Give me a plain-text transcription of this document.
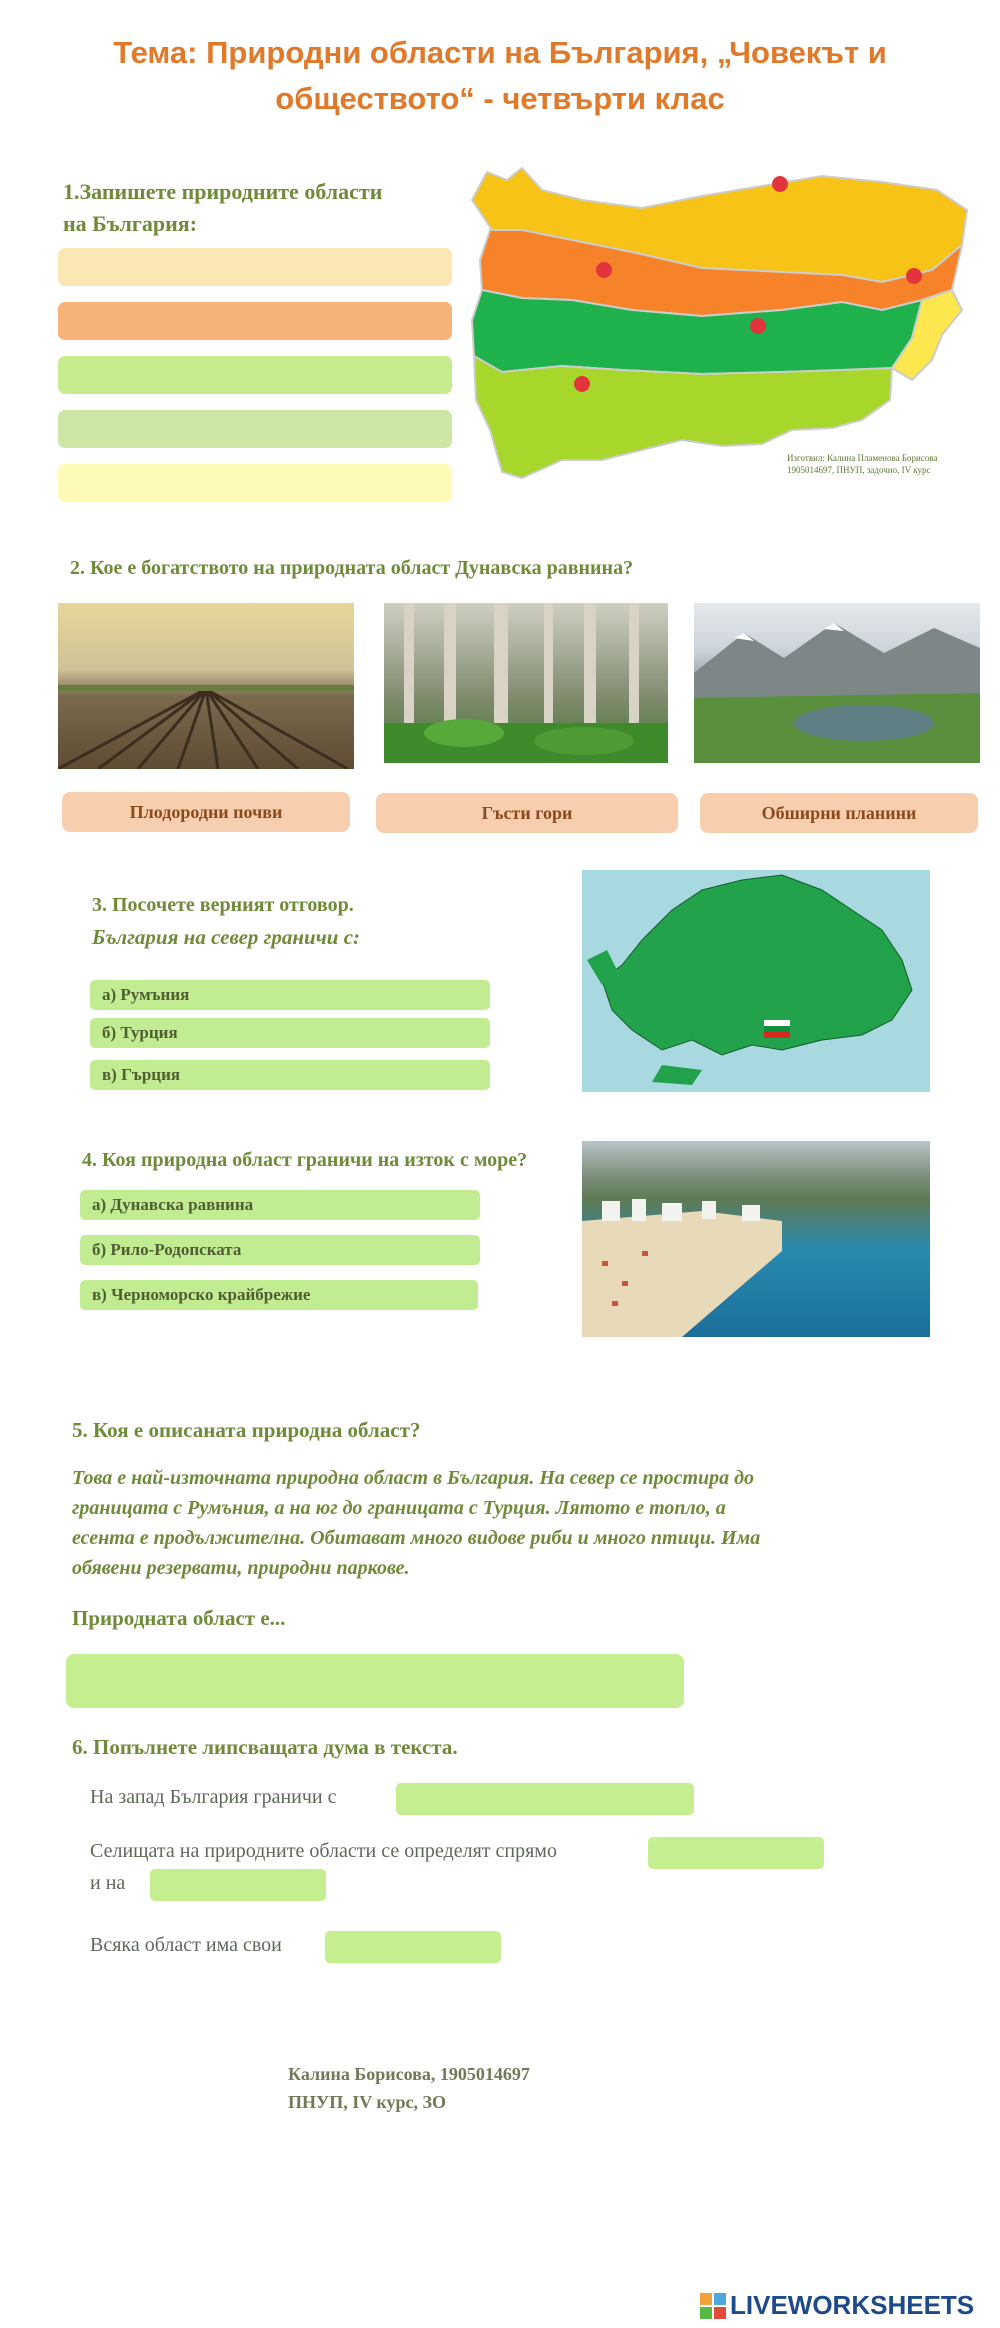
Тема: Природни области на България, „Човекът и
обществото“ - четвърти клас
1.Запишете природните области
на България:
Изготвил: Калина Пламенова Борисова
1905014697, ПНУП, задочно, IV курс
2. Кое е богатството на природната област Дунавска равнина?
Плодородни почви	Гъсти гори	Обширни планини
3. Посочете верният отговор.
България на север граничи с:
а) Румъния
б) Турция
в) Гърция
4. Коя природна област граничи на изток с море?
а) Дунавска равнина
б) Рило-Родопската
в) Черноморско крайбрежие
5. Коя е описаната природна област?
Това е най-източната природна област в България. На север се простира до
границата с Румъния, а на юг до границата с Турция. Лятото е топло, а
есента е продължителна. Обитават много видове риби и много птици. Има
обявени резервати, природни паркове.
Природната област е...
6. Попълнете липсващата дума в текста.
На запад България граничи с
Селищата на природните области се определят спрямо
и на
Всяка област има свои
Калина Борисова, 1905014697
ПНУП, IV курс, ЗО
LIVEWORKSHEETS
